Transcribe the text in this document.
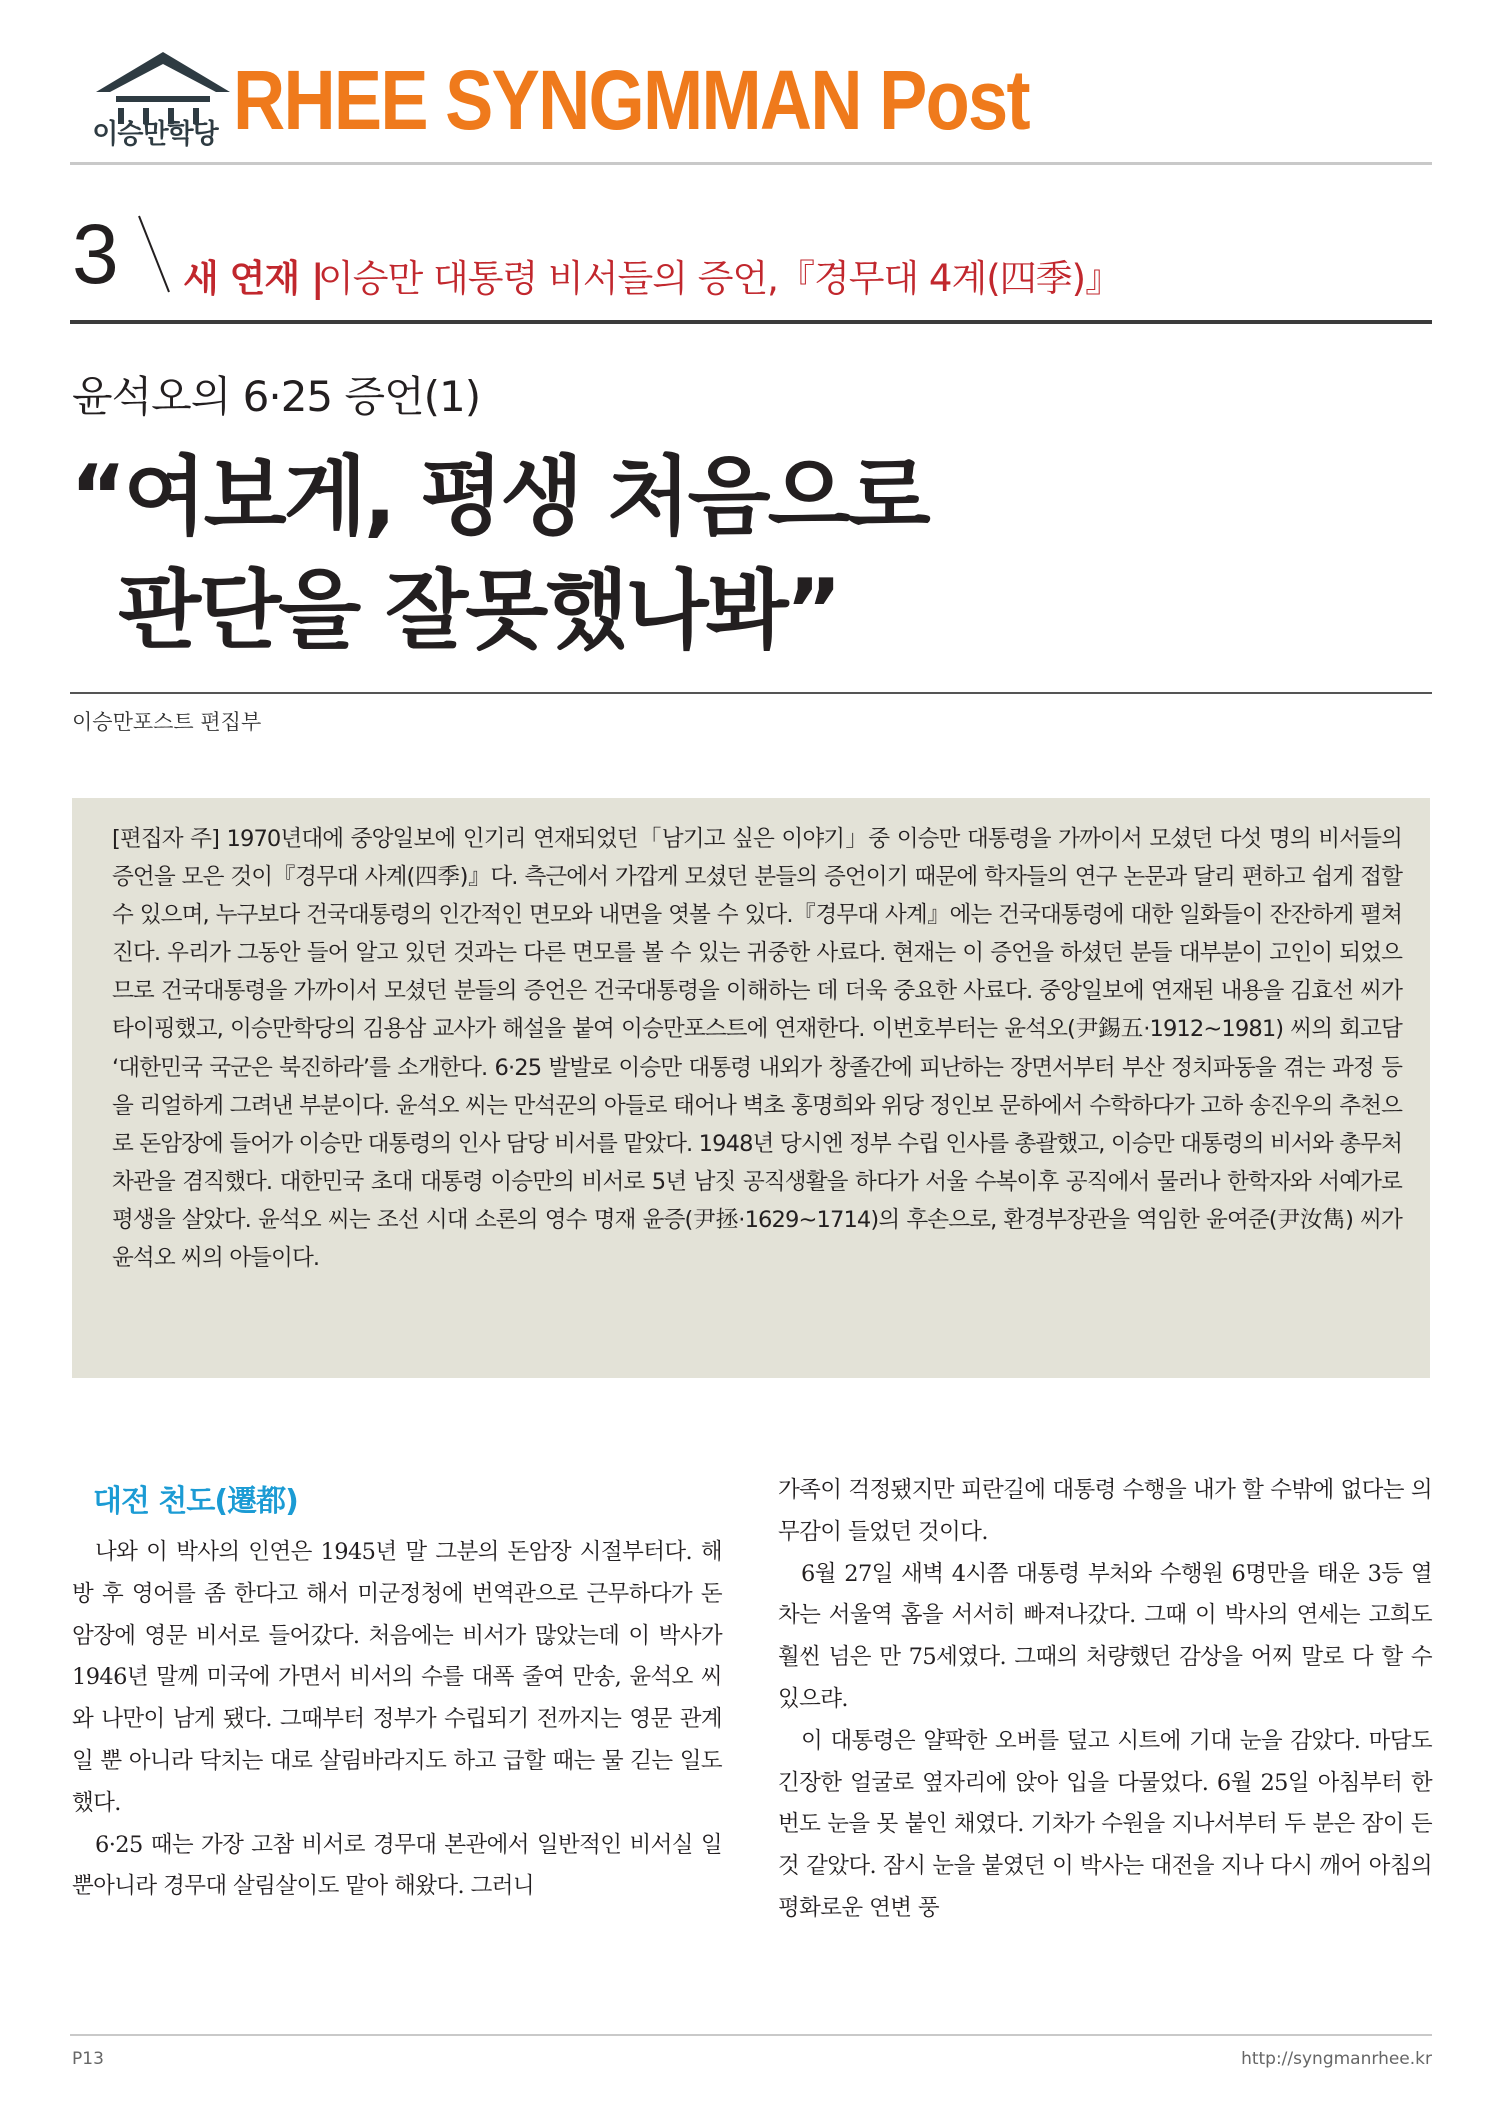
이승만학당 RHEE SYNGMMAN Post
3 새 연재 |
이승만 대통령 비서들의 증언,『경무대 4계(四季)』
윤석오의 6·25 증언(1)
“여보게, 평생 처음으로
판단을 잘못했나봐”
이승만포스트 편집부
[편집자 주] 1970년대에 중앙일보에 인기리 연재되었던「남기고 싶은 이야기」중 이승만 대통령을 가까이서 모셨던 다섯 명의 비서들의 증언을 모은 것이『경무대 사계(四季)』다. 측근에서 가깝게 모셨던 분들의 증언이기 때문에 학자들의 연구 논문과 달리 편하고 쉽게 접할 수 있으며, 누구보다 건국대통령의 인간적인 면모와 내면을 엿볼 수 있다.『경무대 사계』에는 건국대통령에 대한 일화들이 잔잔하게 펼쳐진다. 우리가 그동안 들어 알고 있던 것과는 다른 면모를 볼 수 있는 귀중한 사료다. 현재는 이 증언을 하셨던 분들 대부분이 고인이 되었으므로 건국대통령을 가까이서 모셨던 분들의 증언은 건국대통령을 이해하는 데 더욱 중요한 사료다. 중앙일보에 연재된 내용을 김효선 씨가 타이핑했고, 이승만학당의 김용삼 교사가 해설을 붙여 이승만포스트에 연재한다. 이번호부터는 윤석오(尹錫五·1912~1981) 씨의 회고담 ‘대한민국 국군은 북진하라’를 소개한다. 6·25 발발로 이승만 대통령 내외가 창졸간에 피난하는 장면서부터 부산 정치파동을 겪는 과정 등을 리얼하게 그려낸 부분이다. 윤석오 씨는 만석꾼의 아들로 태어나 벽초 홍명희와 위당 정인보 문하에서 수학하다가 고하 송진우의 추천으로 돈암장에 들어가 이승만 대통령의 인사 담당 비서를 맡았다. 1948년 당시엔 정부 수립 인사를 총괄했고, 이승만 대통령의 비서와 총무처차관을 겸직했다. 대한민국 초대 대통령 이승만의 비서로 5년 남짓 공직생활을 하다가 서울 수복이후 공직에서 물러나 한학자와 서예가로 평생을 살았다. 윤석오 씨는 조선 시대 소론의 영수 명재 윤증(尹拯·1629~1714)의 후손으로, 환경부장관을 역임한 윤여준(尹汝雋) 씨가 윤석오 씨의 아들이다.
대전 천도(遷都)

나와 이 박사의 인연은 1945년 말 그분의 돈암장 시절부터다. 해방 후 영어를 좀 한다고 해서 미군정청에 번역관으로 근무하다가 돈암장에 영문 비서로 들어갔다. 처음에는 비서가 많았는데 이 박사가 1946년 말께 미국에 가면서 비서의 수를 대폭 줄여 만송, 윤석오 씨와 나만이 남게 됐다. 그때부터 정부가 수립되기 전까지는 영문 관계 일 뿐 아니라 닥치는 대로 살림바라지도 하고 급할 때는 물 긷는 일도 했다.

6·25 때는 가장 고참 비서로 경무대 본관에서 일반적인 비서실 일 뿐아니라 경무대 살림살이도 맡아 해왔다. 그러니

가족이 걱정됐지만 피란길에 대통령 수행을 내가 할 수밖에 없다는 의무감이 들었던 것이다.

6월 27일 새벽 4시쯤 대통령 부처와 수행원 6명만을 태운 3등 열차는 서울역 홈을 서서히 빠져나갔다. 그때 이 박사의 연세는 고희도 훨씬 넘은 만 75세였다. 그때의 처량했던 감상을 어찌 말로 다 할 수 있으랴.

이 대통령은 얄팍한 오버를 덮고 시트에 기대 눈을 감았다. 마담도 긴장한 얼굴로 옆자리에 앉아 입을 다물었다. 6월 25일 아침부터 한 번도 눈을 못 붙인 채였다. 기차가 수원을 지나서부터 두 분은 잠이 든 것 같았다. 잠시 눈을 붙였던 이 박사는 대전을 지나 다시 깨어 아침의 평화로운 연변 풍

P13	http://syngmanrhee.kr
